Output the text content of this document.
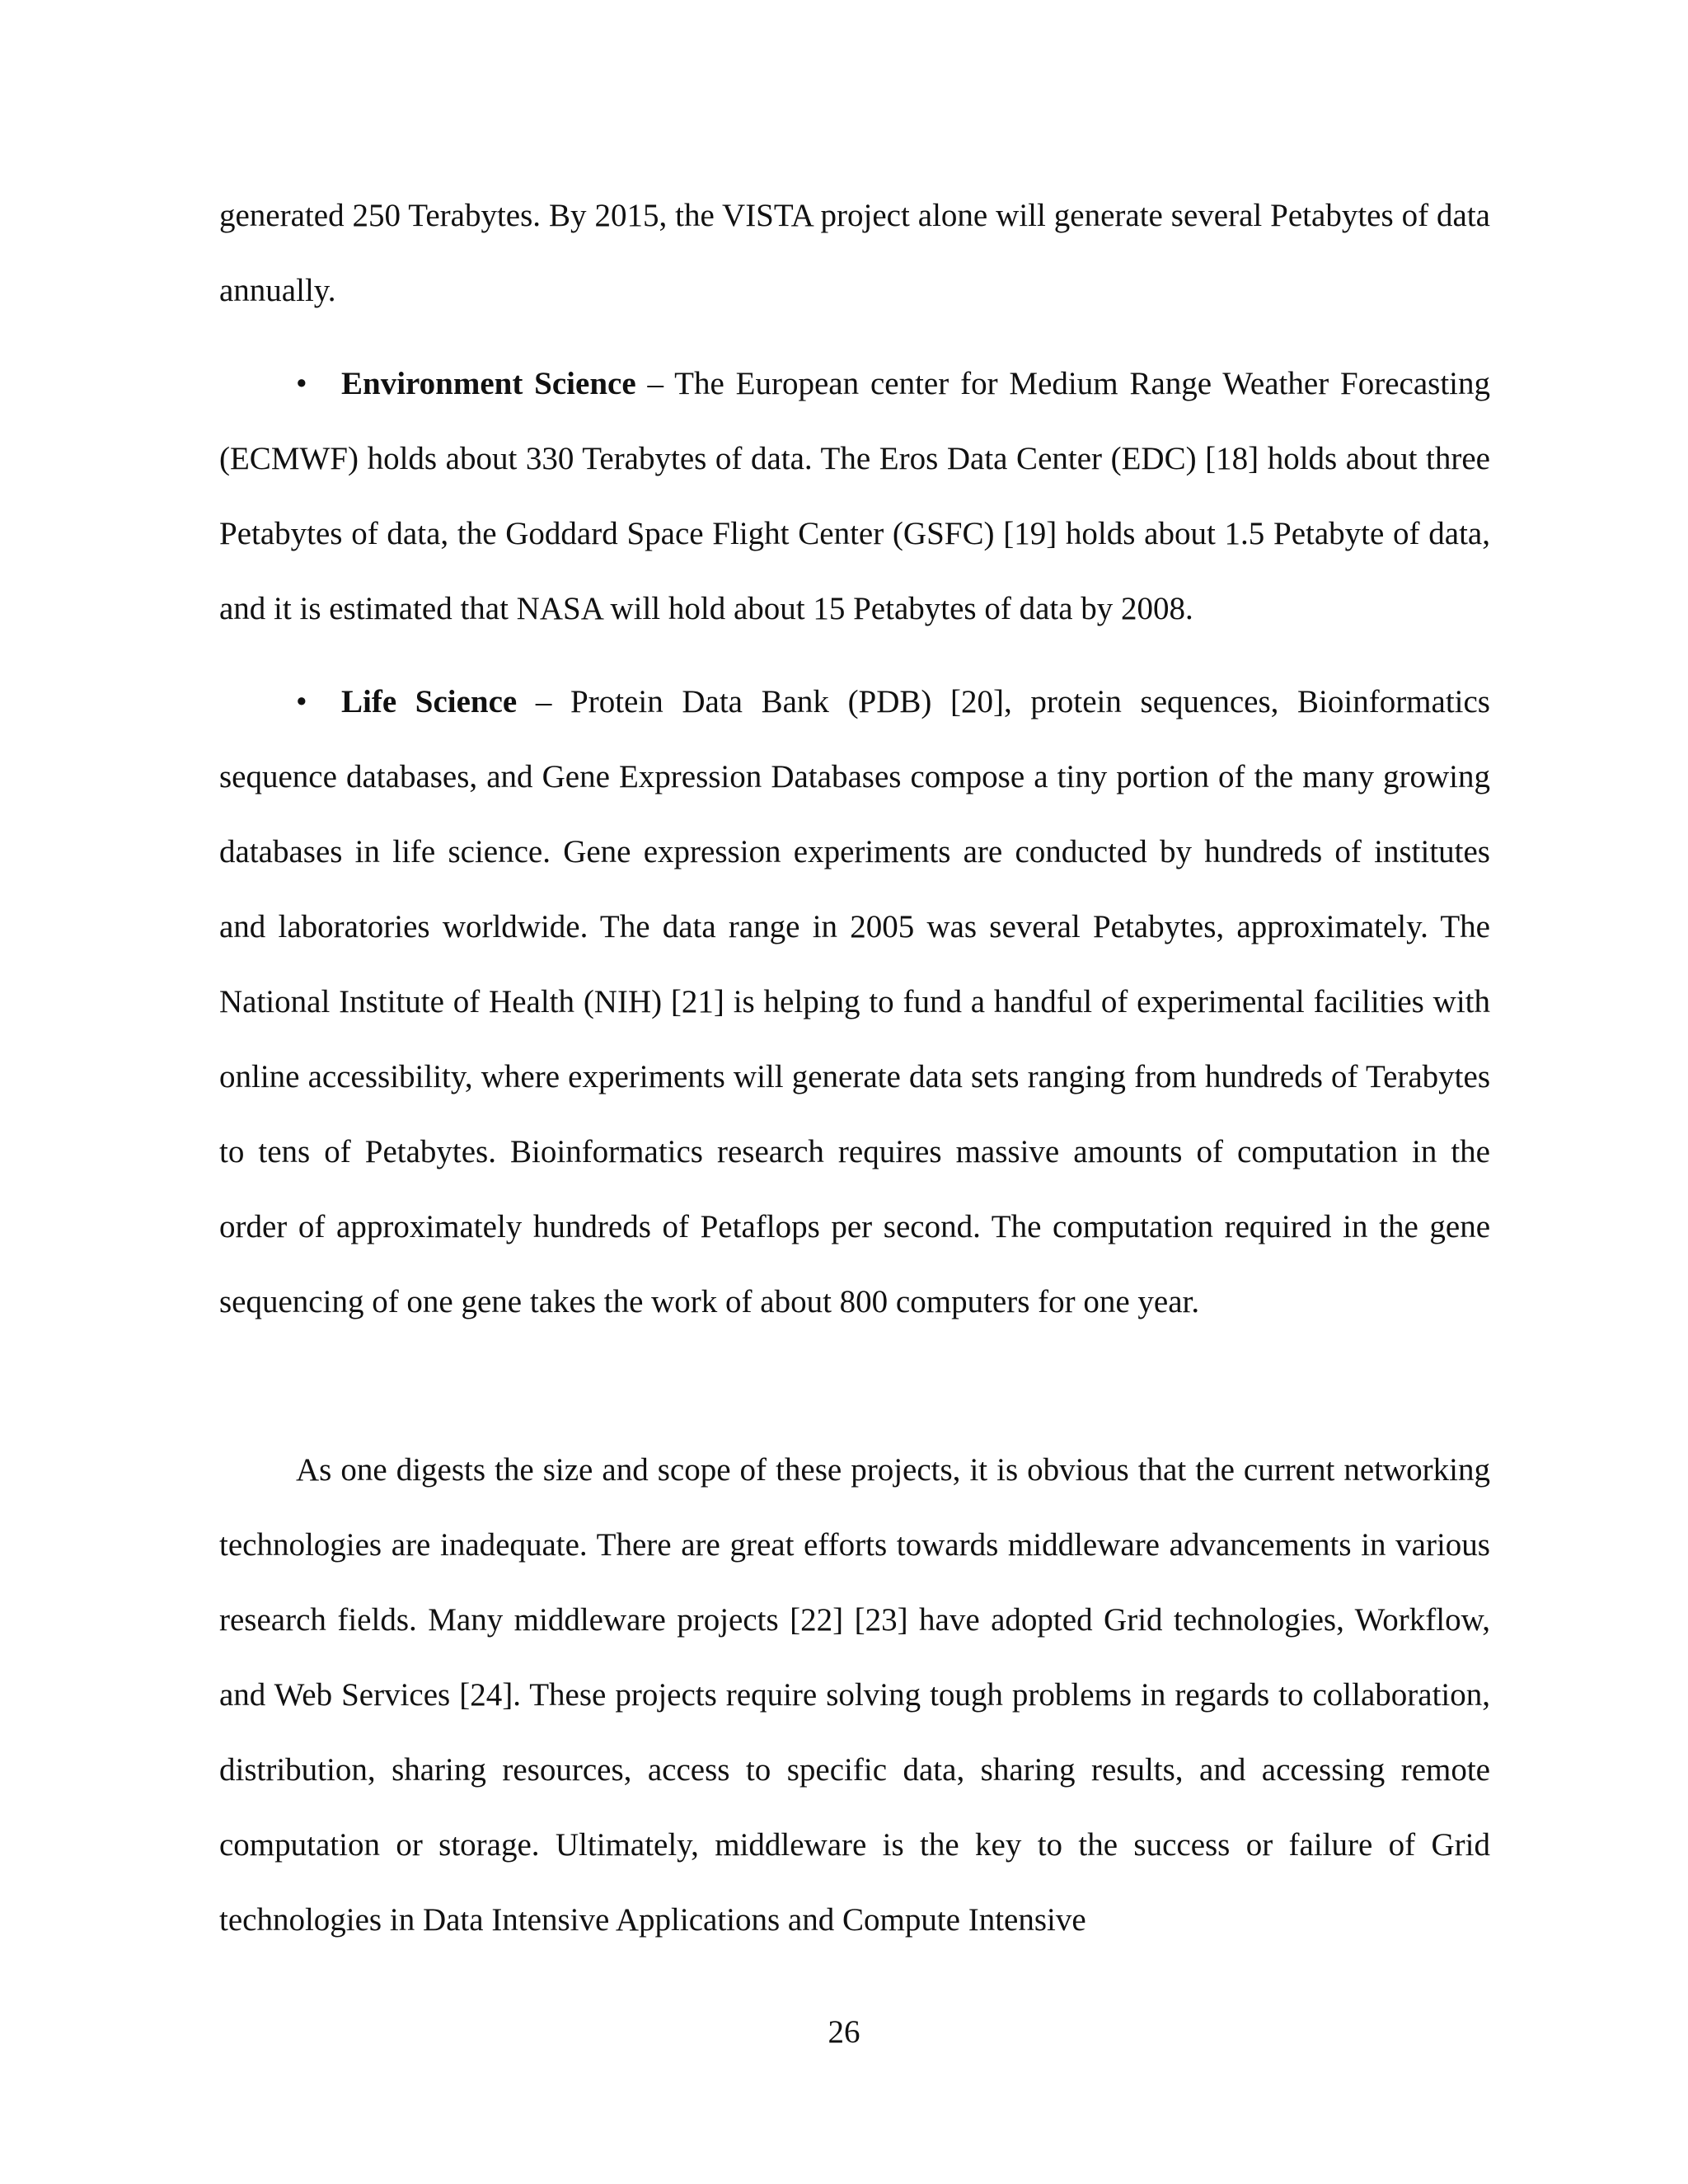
generated 250 Terabytes. By 2015, the VISTA project alone will generate several Petabytes of data annually.

• Environment Science – The European center for Medium Range Weather Forecasting (ECMWF) holds about 330 Terabytes of data. The Eros Data Center (EDC) [18] holds about three Petabytes of data, the Goddard Space Flight Center (GSFC) [19] holds about 1.5 Petabyte of data, and it is estimated that NASA will hold about 15 Petabytes of data by 2008.

• Life Science – Protein Data Bank (PDB) [20], protein sequences, Bioinformatics sequence databases, and Gene Expression Databases compose a tiny portion of the many growing databases in life science. Gene expression experiments are conducted by hundreds of institutes and laboratories worldwide. The data range in 2005 was several Petabytes, approximately. The National Institute of Health (NIH) [21] is helping to fund a handful of experimental facilities with online accessibility, where experiments will generate data sets ranging from hundreds of Terabytes to tens of Petabytes. Bioinformatics research requires massive amounts of computation in the order of approximately hundreds of Petaflops per second. The computation required in the gene sequencing of one gene takes the work of about 800 computers for one year.

As one digests the size and scope of these projects, it is obvious that the current networking technologies are inadequate. There are great efforts towards middleware advancements in various research fields. Many middleware projects [22] [23] have adopted Grid technologies, Workflow, and Web Services [24]. These projects require solving tough problems in regards to collaboration, distribution, sharing resources, access to specific data, sharing results, and accessing remote computation or storage. Ultimately, middleware is the key to the success or failure of Grid technologies in Data Intensive Applications and Compute Intensive

26
